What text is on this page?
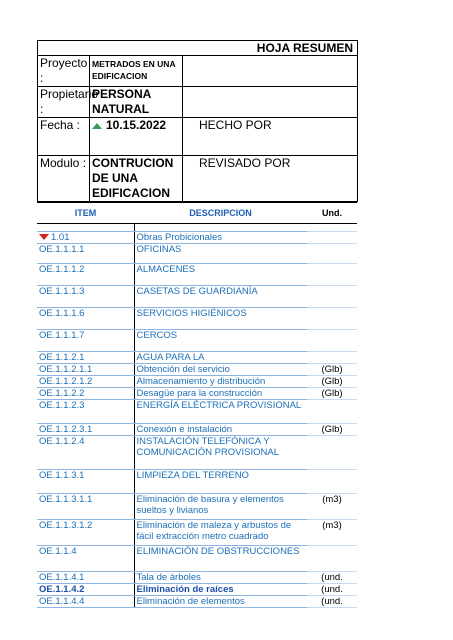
HOJA RESUMEN		
Proyecto :	METRADOS EN UNA EDIFICACION	
Propietario :	PERSONA NATURAL	
Fecha :	10.15.2022	HECHO POR
Modulo :	CONTRUCION DE UNA EDIFICACION	REVISADO POR
ITEM	DESCRIPCION	Und.

1.01	Obras Probicionales	
OE.1.1.1.1	OFICINAS	
OE.1.1.1.2	ALMACENES	
OE.1.1.1.3	CASETAS DE GUARDIANÍA	
OE.1.1.1.6	SERVICIOS HIGIÉNICOS	
OE.1.1.1.7	CERCOS	
OE.1.1.2.1	AGUA PARA LA	
OE.1.1.2.1.1	Obtención del servicio	(Glb)
OE.1.1.2.1.2	Almacenamiento y distribución	(Glb)
OE.1.1.2.2	Desagüe para la construcción	(Glb)
OE.1.1.2.3	ENERGÍA ELÉCTRICA PROVISIONAL	
OE.1.1.2.3.1	Conexión e instalación	(Glb)
OE.1.1.2.4	INSTALACIÓN TELEFÓNICA Y COMUNICACIÓN PROVISIONAL	
OE.1.1.3.1	LIMPIEZA DEL TERRENO	
OE.1.1.3.1.1	Eliminación de basura y elementos sueltos y livianos	(m3)
OE.1.1.3.1.2	Eliminación de maleza y arbustos de fácil extracción metro cuadrado	(m3)
OE.1.1.4	ELIMINACIÓN DE OBSTRUCCIONES	
OE.1.1.4.1	Tala de árboles	(und.
OE.1.1.4.2	Eliminación de raíces	(und.
OE.1.1.4.4	Eliminación de elementos	(und.
